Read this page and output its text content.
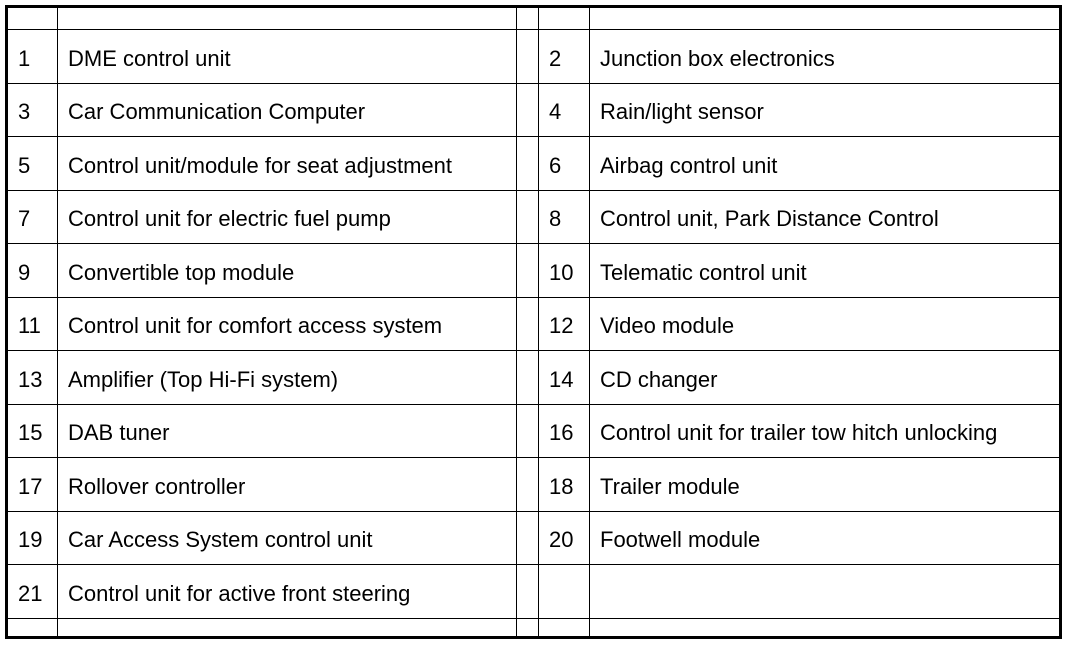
1 DME control unit	2 Junction box electronics
3 Car Communication Computer	4 Rain/light sensor
5 Control unit/module for seat adjustment	6 Airbag control unit
7 Control unit for electric fuel pump	8 Control unit, Park Distance Control
9 Convertible top module	10 Telematic control unit
11 Control unit for comfort access system	12 Video module
13 Amplifier (Top Hi-Fi system)	14 CD changer
15 DAB tuner	16 Control unit for trailer tow hitch unlocking
17 Rollover controller	18 Trailer module
19 Car Access System control unit	20 Footwell module
21 Control unit for active front steering
